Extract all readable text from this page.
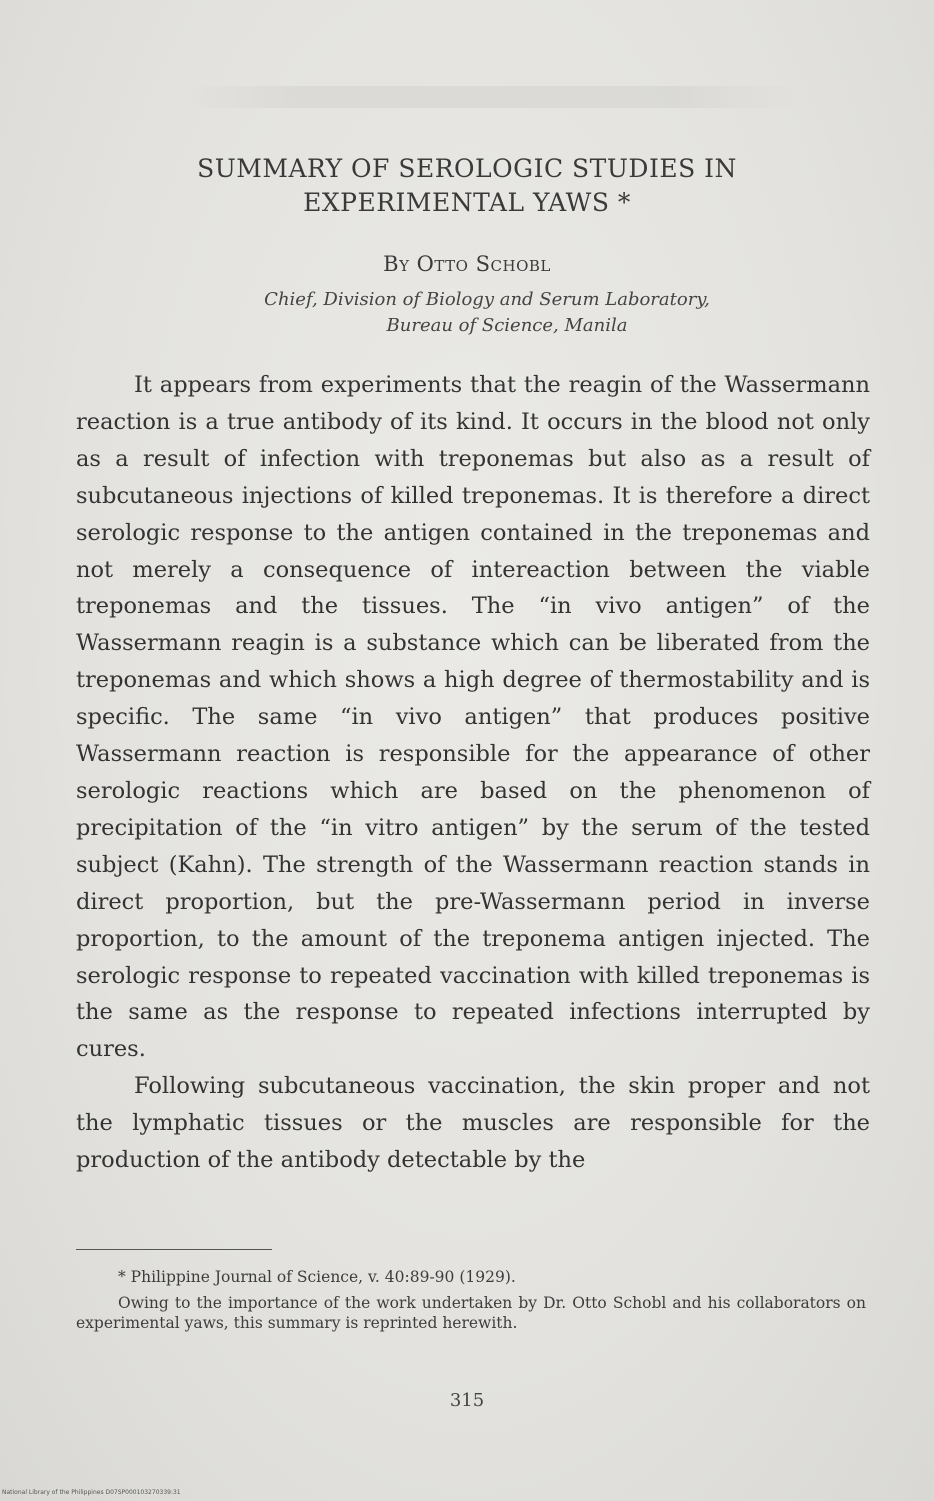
SUMMARY OF SEROLOGIC STUDIES IN
EXPERIMENTAL YAWS *
By Otto Schobl
Chief, Division of Biology and Serum Laboratory,
Bureau of Science, Manila

It appears from experiments that the reagin of the Wassermann reaction is a true antibody of its kind. It occurs in the blood not only as a result of infection with treponemas but also as a result of subcutaneous injections of killed treponemas. It is therefore a direct serologic response to the antigen contained in the treponemas and not merely a consequence of intereaction between the viable treponemas and the tissues. The “in vivo antigen” of the Wassermann reagin is a substance which can be liberated from the treponemas and which shows a high degree of thermostability and is specific. The same “in vivo antigen” that produces positive Wassermann reaction is responsible for the appearance of other serologic reactions which are based on the phenomenon of precipitation of the “in vitro antigen” by the serum of the tested subject (Kahn). The strength of the Wassermann reaction stands in direct proportion, but the pre-Wassermann period in inverse proportion, to the amount of the treponema antigen injected. The serologic response to repeated vaccination with killed treponemas is the same as the response to repeated infections interrupted by cures.

Following subcutaneous vaccination, the skin proper and not the lymphatic tissues or the muscles are responsible for the production of the antibody detectable by the

* Philippine Journal of Science, v. 40:89-90 (1929).

Owing to the importance of the work undertaken by Dr. Otto Schobl and his collaborators on experimental yaws, this summary is reprinted herewith.

315
National Library of the Philippines D07SP000103270339:31
